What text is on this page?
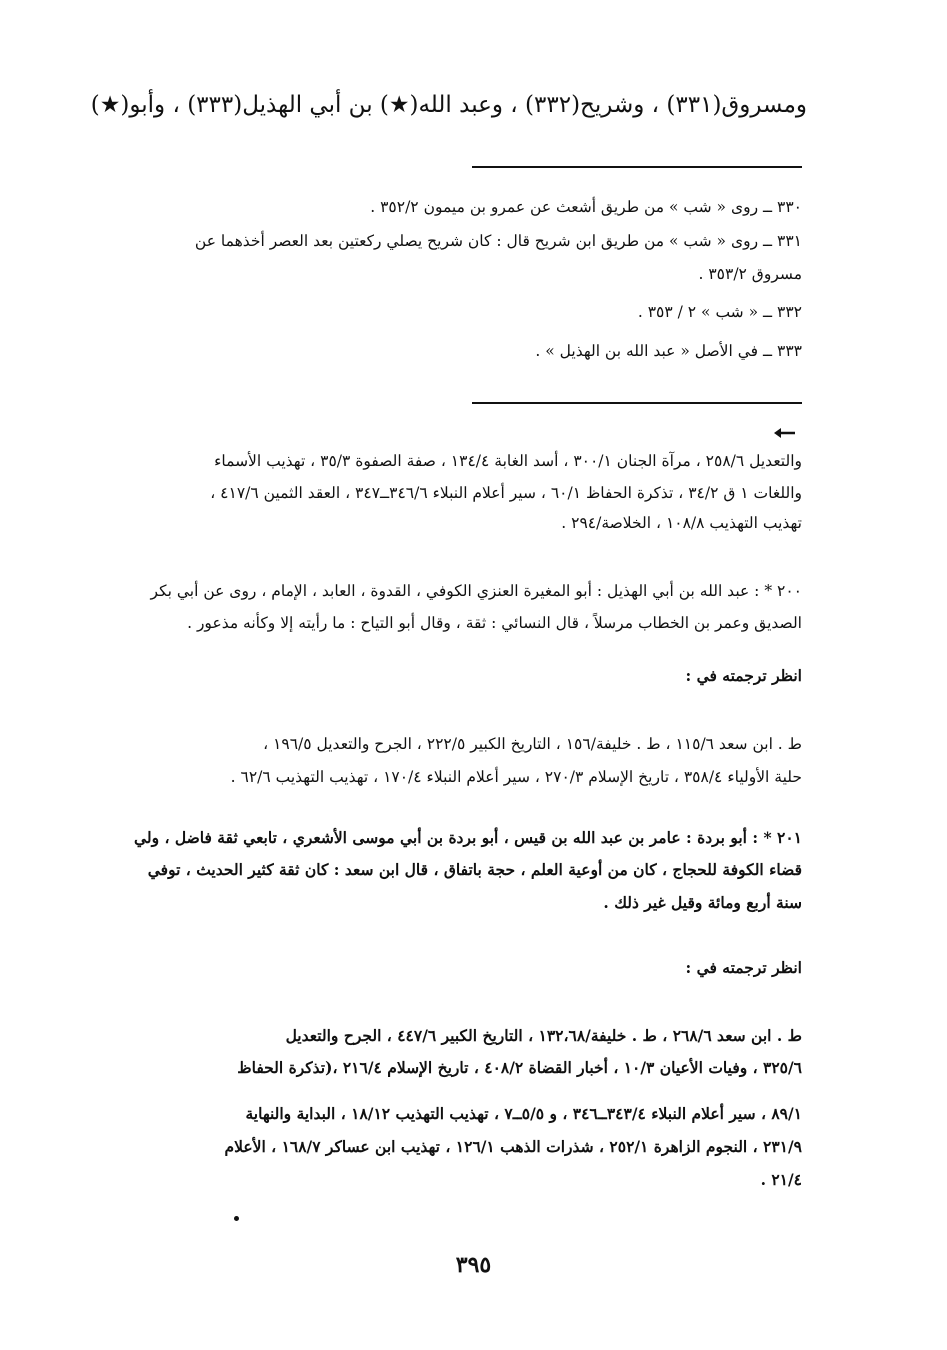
ومسروق(٣٣١) ، وشريح(٣٣٢) ، وعبد الله(★) بن أبي الهذيل(٣٣٣) ، وأبو(★)
٣٣٠ ــ روى « شب » من طريق أشعث عن عمرو بن ميمون ٣٥٢/٢ .
٣٣١ ــ روى « شب » من طريق ابن شريح قال : كان شريح يصلي ركعتين بعد العصر أخذهما عن
مسروق ٣٥٣/٢ .
٣٣٢ ــ « شب » ٢ / ٣٥٣ .
٣٣٣ ــ في الأصل « عبد الله بن الهذيل » .
والتعديل ٢٥٨/٦ ، مرآة الجنان ٣٠٠/١ ، أسد الغابة ١٣٤/٤ ، صفة الصفوة ٣٥/٣ ، تهذيب الأسماء
واللغات ١ ق ٣٤/٢ ، تذكرة الحفاظ ٦٠/١ ، سير أعلام النبلاء ٣٤٦/٦ــ٣٤٧ ، العقد الثمين ٤١٧/٦ ،
تهذيب التهذيب ١٠٨/٨ ، الخلاصة/٢٩٤ .
٢٠٠ * : عبد الله بن أبي الهذيل : أبو المغيرة العنزي الكوفي ، القدوة ، العابد ، الإمام ، روى عن أبي بكر
الصديق وعمر بن الخطاب مرسلاً ، قال النسائي : ثقة ، وقال أبو التياح : ما رأيته إلا وكأنه مذعور .
انظر ترجمته في :
ط . ابن سعد ١١٥/٦ ، ط . خليفة/١٥٦ ، التاريخ الكبير ٢٢٢/٥ ، الجرح والتعديل ١٩٦/٥ ،
حلية الأولياء ٣٥٨/٤ ، تاريخ الإسلام ٢٧٠/٣ ، سير أعلام النبلاء ١٧٠/٤ ، تهذيب التهذيب ٦٢/٦ .
٢٠١ * : أبو بردة : عامر بن عبد الله بن قيس ، أبو بردة بن أبي موسى الأشعري ، تابعي ثقة فاضل ، ولي
قضاء الكوفة للحجاج ، كان من أوعية العلم ، حجة باتفاق ، قال ابن سعد : كان ثقة كثير الحديث ، توفي
سنة أربع ومائة وقيل غير ذلك .
انظر ترجمته في :
ط . ابن سعد ٢٦٨/٦ ، ط . خليفة/١٣٢،٦٨ ، التاريخ الكبير ٤٤٧/٦ ، الجرح والتعديل
٣٢٥/٦ ، وفيات الأعيان ١٠/٣ ، أخبار القضاة ٤٠٨/٢ ، تاريخ الإسلام ٢١٦/٤ ،(تذكرة الحفاظ
٨٩/١ ، سير أعلام النبلاء ٣٤٣/٤ــ٣٤٦ ، و ٥/٥ــ٧ ، تهذيب التهذيب ١٨/١٢ ، البداية والنهاية
٢٣١/٩ ، النجوم الزاهرة ٢٥٢/١ ، شذرات الذهب ١٢٦/١ ، تهذيب ابن عساكر ١٦٨/٧ ، الأعلام
٢١/٤ .
٣٩٥
